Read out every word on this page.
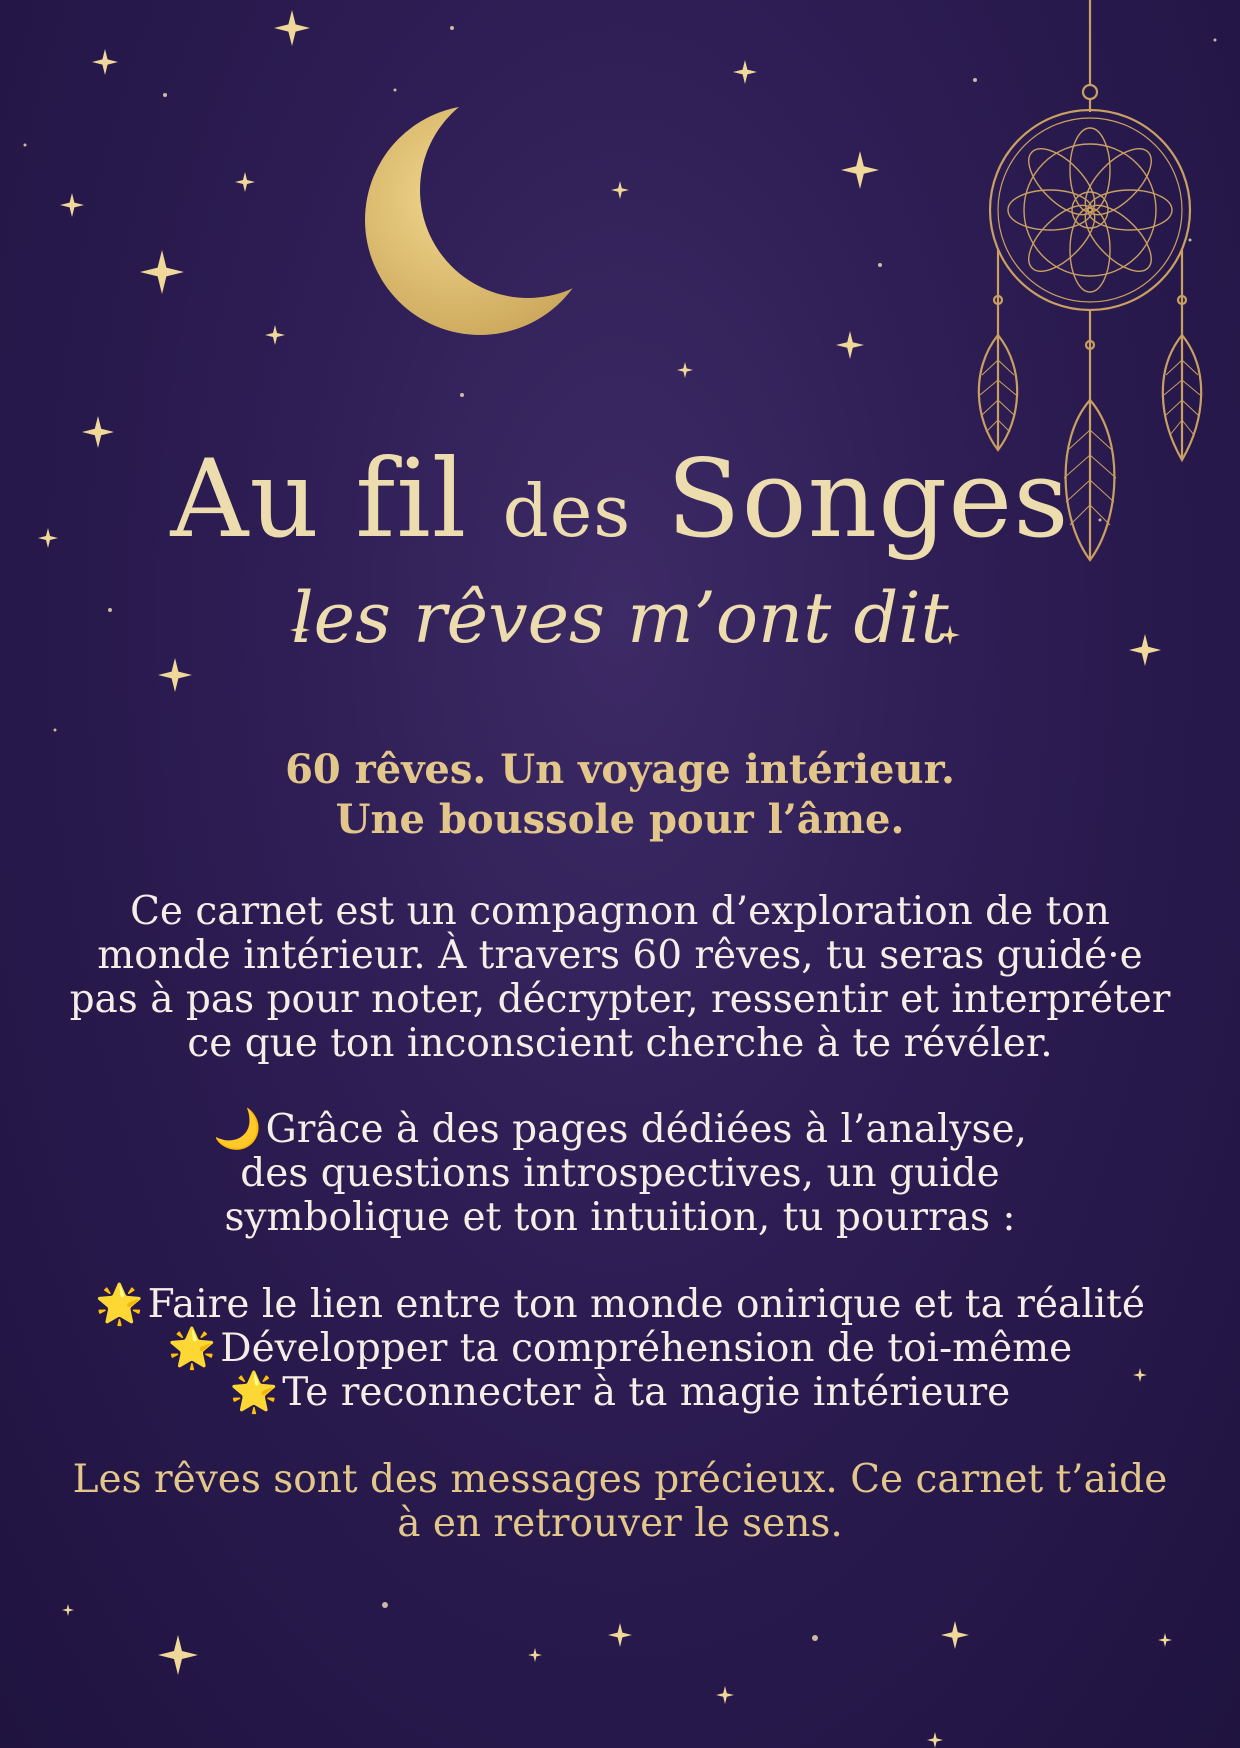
Au fil des Songes
les rêves m’ont dit
60 rêves. Un voyage intérieur.
Une boussole pour l’âme.
Ce carnet est un compagnon d’exploration de ton
monde intérieur. À travers 60 rêves, tu seras guidé·e
pas à pas pour noter, décrypter, ressentir et interpréter
ce que ton inconscient cherche à te révéler.
🌙 Grâce à des pages dédiées à l’analyse,
des questions introspectives, un guide
symbolique et ton intuition, tu pourras :
🌟 Faire le lien entre ton monde onirique et ta réalité
🌟 Développer ta compréhension de toi-même
🌟 Te reconnecter à ta magie intérieure
Les rêves sont des messages précieux. Ce carnet t’aide
à en retrouver le sens.
